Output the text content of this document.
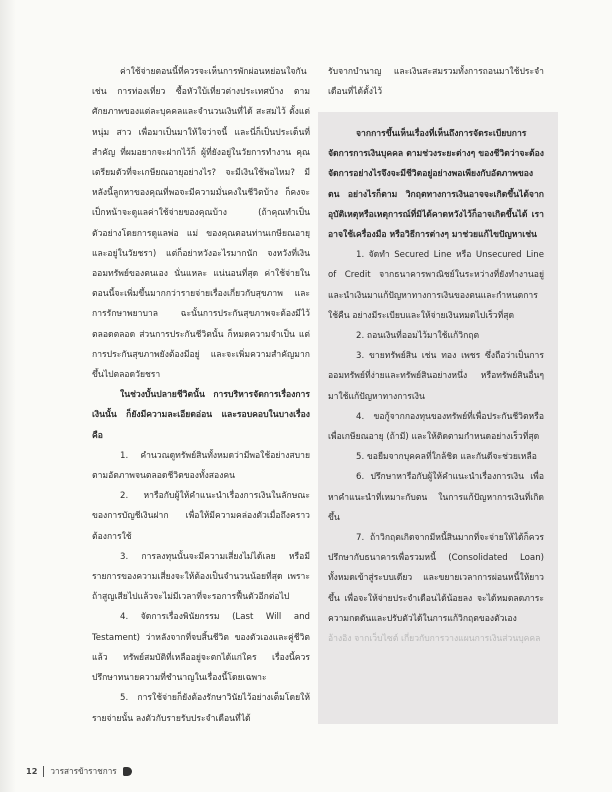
ค่าใช้จ่ายตอนนี้ที่ควรจะเห็นการพักผ่อนหย่อนใจกัน เช่น การท่องเที่ยว ซื้อหัวใบ้เที่ยวต่างประเทศบ้าง ตามศักยภาพของแต่ละบุคคลและจำนวนเงินที่ได้ สะสมไว้ ตั้งแต่หนุ่ม สาว เพื่อมาเป็นมาให้ใจว่าจนี้ และนี่ก็เป็นประเด็นที่สำคัญ ที่ผมอยากจะฝากไว้ก็ ผู้ที่ยังอยู่ในวัยการทำงาน คุณเตรียมตัวที่จะเกษียณอายุอย่างไร? จะมีเงินใช้พอไหม? มีหลังนี้ลูกหาของคุณที่พอจะมีความมั่นคงในชีวิตบ้าง ก็คงจะเป็กหน้าจะดูแลค่าใช้จ่ายของคุณบ้าง (ถ้าคุณทำเป็นตัวอย่างโดยการดูแลพ่อ แม่ ของคุณตอนท่านเกษียณอายุและอยู่ในวัยชรา) แต่ก็อย่าหวังอะไรมากนัก จงหวังที่เงินออมทรัพย์ของตนเอง นั่นแหละ แน่นอนที่สุด ค่าใช้จ่ายในตอนนี้จะเพิ่มขึ้นมากกว่ารายจ่ายเรื่องเกี่ยวกับสุขภาพ และการรักษาพยาบาล ฉะนั้นการประกันสุขภาพจะต้องมีไว้ตลอดตลอด ส่วนการประกันชีวิตนั้น ก็หมดความจำเป็น แต่การประกันสุขภาพยังต้องมีอยู่ และจะเพิ่มความสำคัญมากขึ้นไปตลอดวัยชรา

ในช่วงบั้นปลายชีวิตนั้น การบริหารจัดการเรื่องการเงินนั้น ก็ยังมีความละเอียดอ่อน และรอบคอบในบางเรื่อง คือ

1. คำนวณดูทรัพย์สินทั้งหมดว่ามีพอใช้อย่างสบายตามอัตภาพจนตลอดชีวิตของทั้งสองคน

2. หารือกับผู้ให้คำแนะนำเรื่องการเงินในลักษณะของการบัญชีเงินฝาก เพื่อให้มีความคล่องตัวเมื่อถึงคราวต้องการใช้

3. การลงทุนนั้นจะมีความเสี่ยงไม่ได้เลย หรือมีรายการของความเสี่ยงจะให้ต้องเป็นจำนวนน้อยที่สุด เพราะถ้าสูญเสียไปแล้วจะไม่มีเวลาที่จะรอการฟื้นตัวอีกต่อไป

4. จัดการเรื่องพินัยกรรม (Last Will and Testament) ว่าหลังจากที่จบสิ้นชีวิต ของตัวเองและคู่ชีวิตแล้ว ทรัพย์สมบัติที่เหลืออยู่จะตกได้แก่ใคร เรื่องนี้ควรปรึกษาทนายความที่ชำนาญในเรื่องนี้โดยเฉพาะ

5. การใช้จ่ายก็ยังต้องรักษาวินัยไว้อย่างเต็มโดยให้รายจ่ายนั้น ลงตัวกับรายรับประจำเดือนที่ได้

รับจากบำนาญ และเงินสะสมรวมทั้งการถอนมาใช้ประจำเดือนที่ได้ตั้งไว้

จากการขึ้นเห็นเรื่องที่เห็นถึงการจัดระเบียบการจัดการการเงินบุคคล ตามช่วงระยะต่างๆ ของชีวิตว่าจะต้องจัดการอย่างไรจึงจะมีชีวิตอยู่อย่างพอเพียงกับอัตภาพของตน อย่างไรก็ตาม วิกฤตทางการเงินอาจจะเกิดขึ้นได้จากอุบัติเหตุหรือเหตุการณ์ที่มิได้คาดหวังไว้ก็อาจเกิดขึ้นได้ เราอาจใช้เครื่องมือ หรือวิธีการต่างๆ มาช่วยแก้ไขปัญหาเช่น

1. จัดทำ Secured Line หรือ Unsecured Line of Credit จากธนาคารพาณิชย์ในระหว่างที่ยังทำงานอยู่และนำเงินมาแก้ปัญหาทางการเงินของตนและกำหนดการใช้คืน อย่างมีระเบียบและให้จ่ายเงินหมดไปเร็วที่สุด

2. ถอนเงินที่ออมไว้มาใช้แก้วิกฤต

3. ขายทรัพย์สิน เช่น ทอง เพชร ซึ่งถือว่าเป็นการออมทรัพย์ที่ง่ายและทรัพย์สินอย่างหนึ่ง หรือทรัพย์สินอื่นๆ มาใช้แก้ปัญหาทางการเงิน

4. ขอกู้จากกองทุนของทรัพย์ที่เพื่อประกันชีวิตหรือ เพื่อเกษียณอายุ (ถ้ามี) และให้ติดตามกำหนดอย่างเร็วที่สุด

5. ขอยืมจากบุคคลที่ใกล้ชิด และกันดีจะช่วยเหลือ

6. ปรึกษาหารือกับผู้ให้คำแนะนำเรื่องการเงิน เพื่อหาคำแนะนำที่เหมาะกับตน ในการแก้ปัญหาการเงินที่เกิดขึ้น

7. ถ้าวิกฤตเกิดจากมีหนี้สินมากที่จะจ่ายให้ได้ก็ควรปรึกษากับธนาคารเพื่อรวมหนี้ (Consolidated Loan) ทั้งหมดเข้าสู่ระบบเดียว และขยายเวลาการผ่อนหนี้ให้ยาวขึ้น เพื่อจะให้จ่ายประจำเดือนได้น้อยลง จะได้หมดลดภาระความกดดันและปรับตัวได้ในการแก้วิกฤตของตัวเอง

อ้างอิง จากเว็บไซต์ เกี่ยวกับการวางแผนการเงินส่วนบุคคล

12 วารสารข้าราชการ
